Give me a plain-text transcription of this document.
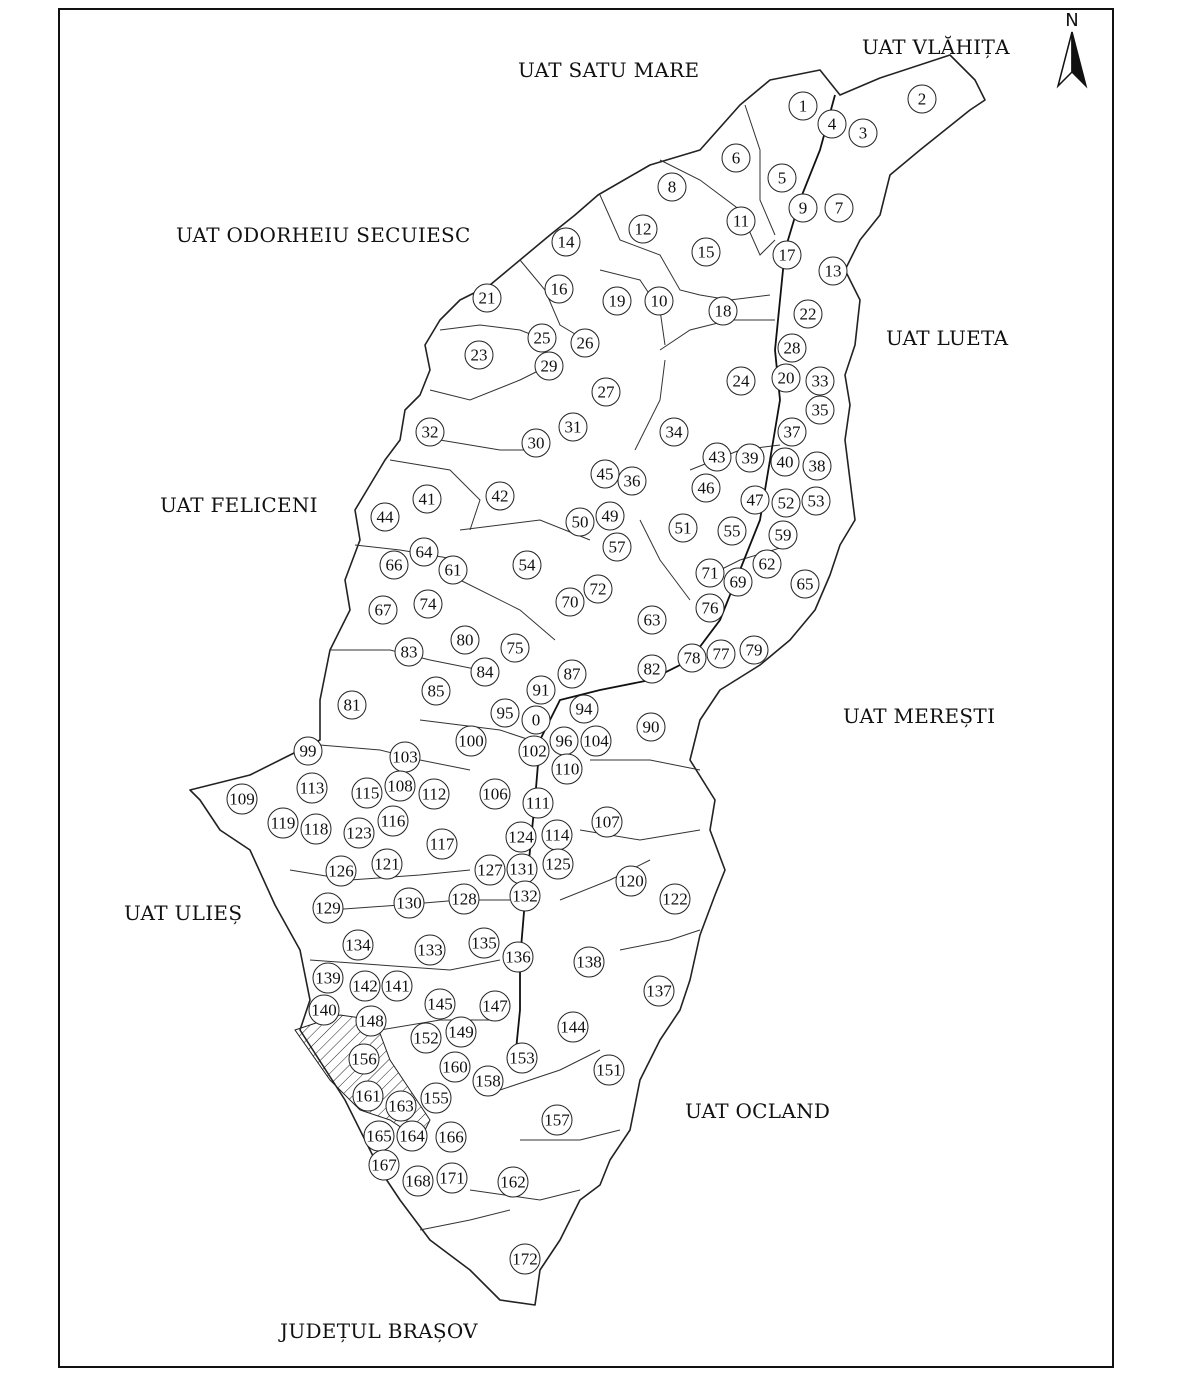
UAT VLĂHIȚA
UAT SATU MARE
UAT ODORHEIU SECUIESC
UAT LUETA
UAT FELICENI
UAT MEREȘTI
UAT ULIEȘ
UAT OCLAND
JUDEȚUL BRAȘOV
N
1	2
3
4
5
6
7
8
9
10
11
12
13
14
15
16
17
18
19
20
21
22
23
24
25 26
27
28
29
30
31
32
33
34
35
36
37
38
39 40
41	42
43
44
45
46
47
49
50	51
52 53
54
55
57
59
61	62
63
64
65
66
67
69
70
71
72
74
75
76
77
78	79
80
81
82
83
84
85
87
90
91
94
95 0
96
99
100
102
103
104
106
107
108
109
110
111
112
113
114
115
116
117
118
119
120
121
122
123	124
125
126	127
128
129	130
131
132
133
134	135
136
137
138
139
140
141
142
144
145 147
148
149
151
152
153
155
156
157
158
160
161
162
163
164
165	166
167
168 171
172
